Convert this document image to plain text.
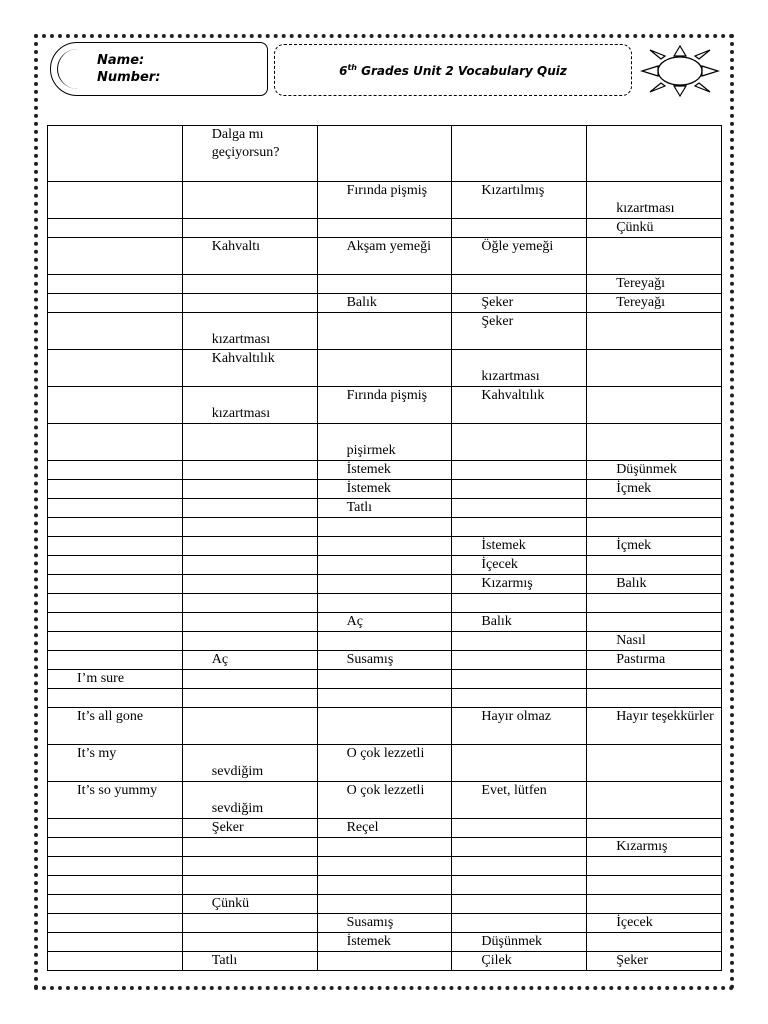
Name:
Number:	6th Grades Unit 2 Vocabulary Quiz
	Dalga mı geçiyorsun?			
		Fırında pişmiş	Kızartılmış	kızartması
				Çünkü
	Kahvaltı	Akşam yemeği	Öğle yemeği	
				Tereyağı
		Balık	Şeker	Tereyağı
	kızartması		Şeker	
	Kahvaltılık		kızartması	
	kızartması	Fırında pişmiş	Kahvaltılık	
		pişirmek		
		İstemek		Düşünmek
		İstemek		İçmek
		Tatlı		

			İstemek	İçmek
			İçecek	
			Kızarmış	Balık

		Aç	Balık	
				Nasıl
	Aç	Susamış		Pastırma
I’m sure				

It’s all gone			Hayır olmaz	Hayır teşekkürler
It’s my	sevdiğim	O çok lezzetli		
It’s so yummy	sevdiğim	O çok lezzetli	Evet, lütfen	
	Şeker	Reçel		
				Kızarmış

	Çünkü			
		Susamış		İçecek
		İstemek	Düşünmek	
	Tatlı		Çilek	Şeker
